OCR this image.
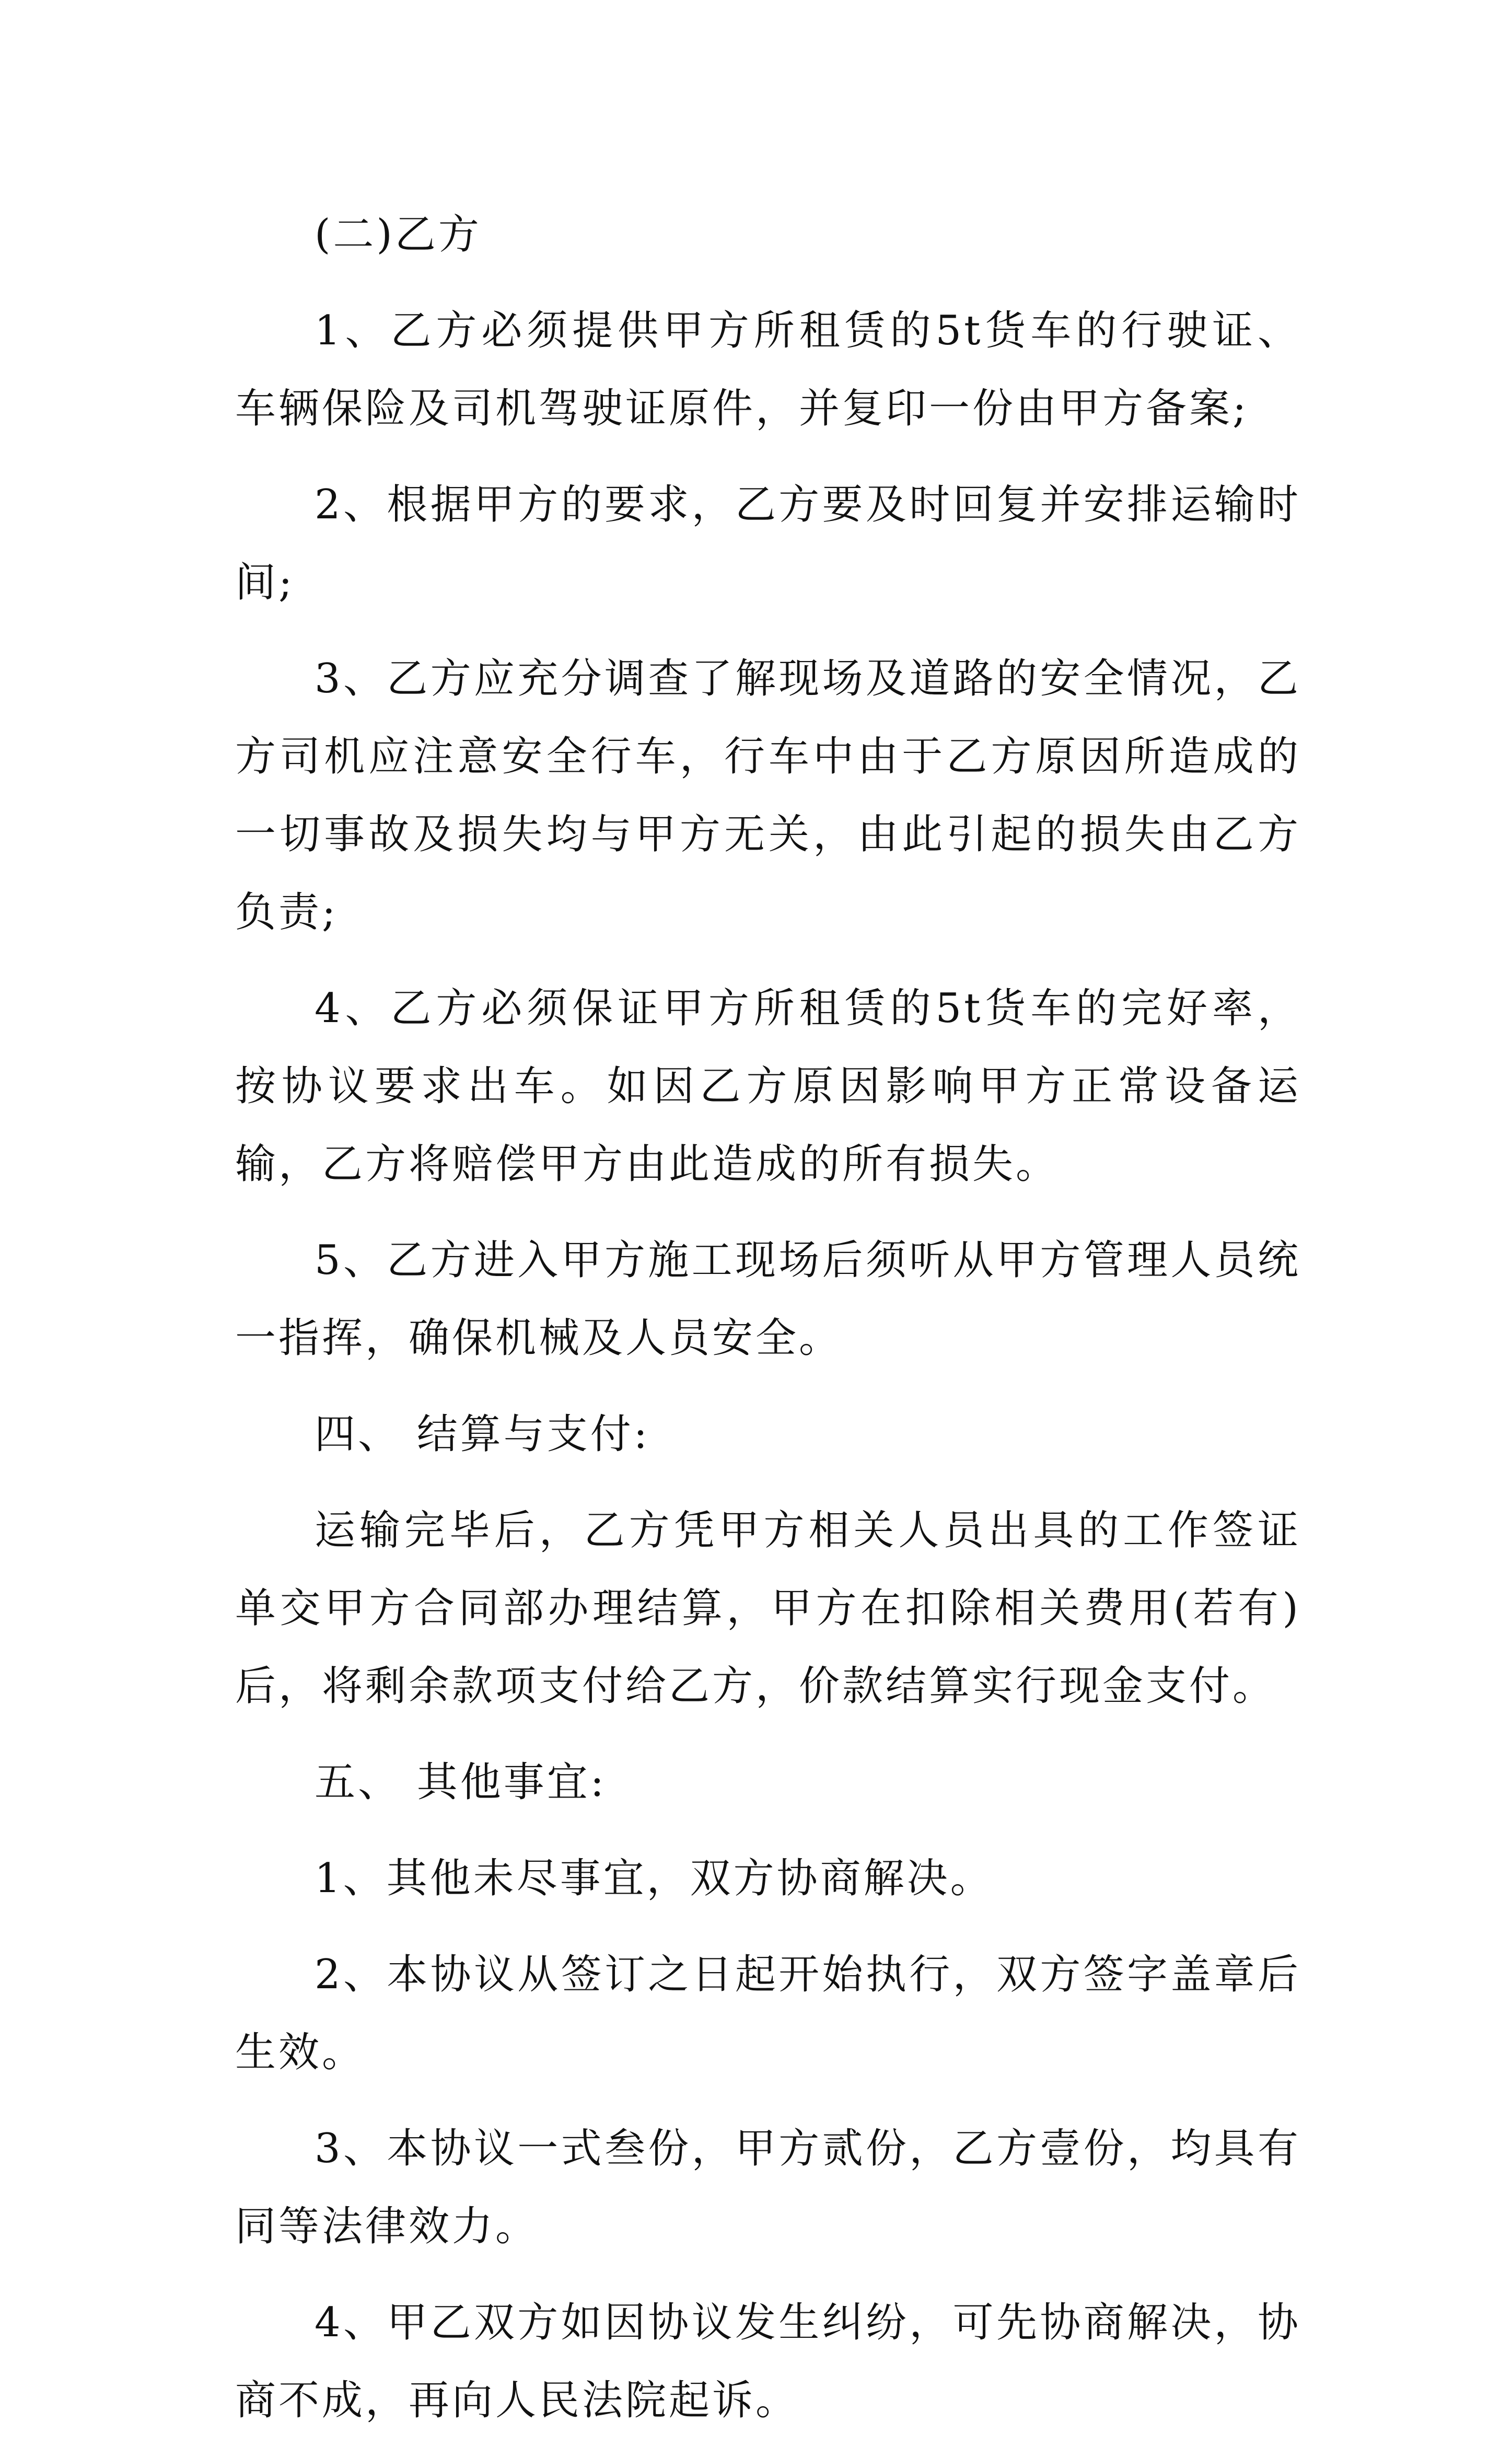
(二)乙方

1、乙方必须提供甲方所租赁的5t货车的行驶证、车辆保险及司机驾驶证原件，并复印一份由甲方备案;

2、根据甲方的要求，乙方要及时回复并安排运输时间;

3、乙方应充分调查了解现场及道路的安全情况，乙方司机应注意安全行车，行车中由于乙方原因所造成的一切事故及损失均与甲方无关，由此引起的损失由乙方负责;

4、乙方必须保证甲方所租赁的5t货车的完好率，按协议要求出车。如因乙方原因影响甲方正常设备运输，乙方将赔偿甲方由此造成的所有损失。

5、乙方进入甲方施工现场后须听从甲方管理人员统一指挥，确保机械及人员安全。

四、 结算与支付:

运输完毕后，乙方凭甲方相关人员出具的工作签证单交甲方合同部办理结算，甲方在扣除相关费用(若有)后，将剩余款项支付给乙方，价款结算实行现金支付。

五、 其他事宜:

1、其他未尽事宜，双方协商解决。

2、本协议从签订之日起开始执行，双方签字盖章后生效。

3、本协议一式叁份，甲方贰份，乙方壹份，均具有同等法律效力。

4、甲乙双方如因协议发生纠纷，可先协商解决，协商不成，再向人民法院起诉。
